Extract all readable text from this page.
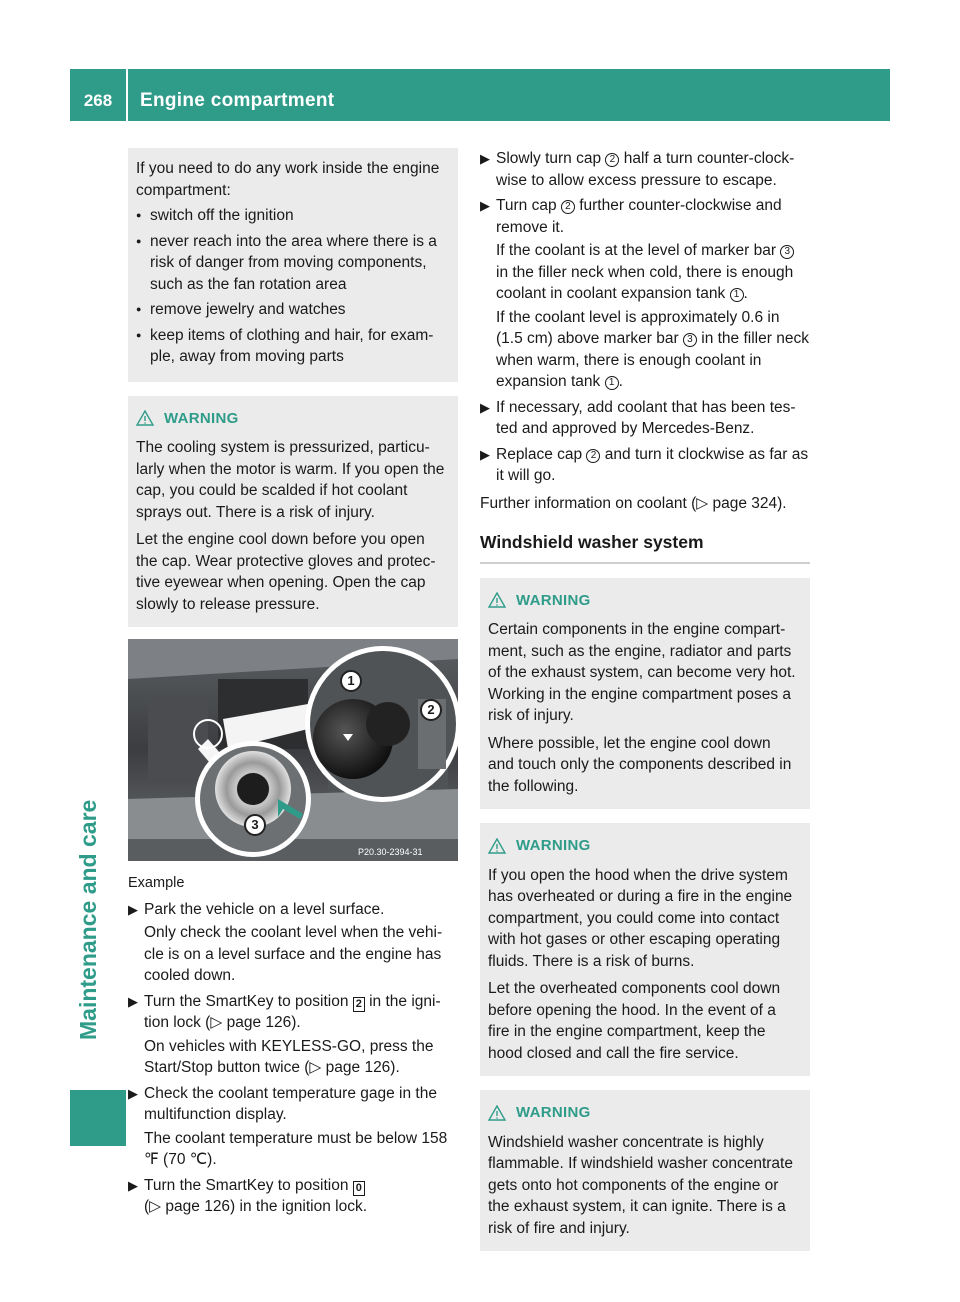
268	Engine compartment
Maintenance and care

If you need to do any work inside the engine compartment:

● switch off the ignition
● never reach into the area where there is a risk of danger from moving components, such as the fan rotation area
● remove jewelry and watches
● keep items of clothing and hair, for exam- ple, away from moving parts
WARNING

The cooling system is pressurized, particu- larly when the motor is warm. If you open the cap, you could be scalded if hot coolant sprays out. There is a risk of injury.

Let the engine cool down before you open the cap. Wear protective gloves and protec- tive eyewear when opening. Open the cap slowly to release pressure.

P20.30-2394-31
1
2
3
Example
▶ Park the vehicle on a level surface.

Only check the coolant level when the vehi- cle is on a level surface and the engine has cooled down.

▶ Turn the SmartKey to position 2 in the igni- tion lock (▷ page 126).

On vehicles with KEYLESS-GO, press the Start/Stop button twice (▷ page 126).

▶ Check the coolant temperature gage in the multifunction display.

The coolant temperature must be below 158 ℉ (70 ℃).

▶ Turn the SmartKey to position 0
(▷ page 126) in the ignition lock.

▶ Slowly turn cap 2 half a turn counter-clock- wise to allow excess pressure to escape.

▶ Turn cap 2 further counter-clockwise and remove it.

If the coolant is at the level of marker bar 3 in the filler neck when cold, there is enough coolant in coolant expansion tank 1 .

If the coolant level is approximately 0.6 in (1.5 cm) above marker bar 3 in the filler neck when warm, there is enough coolant in expansion tank 1 .

▶ If necessary, add coolant that has been tes- ted and approved by Mercedes-Benz.

▶ Replace cap 2 and turn it clockwise as far as it will go.

Further information on coolant (▷ page 324).

Windshield washer system
WARNING

Certain components in the engine compart- ment, such as the engine, radiator and parts of the exhaust system, can become very hot. Working in the engine compartment poses a risk of injury.

Where possible, let the engine cool down and touch only the components described in the following.

WARNING

If you open the hood when the drive system has overheated or during a fire in the engine compartment, you could come into contact with hot gases or other escaping operating fluids. There is a risk of burns.

Let the overheated components cool down before opening the hood. In the event of a fire in the engine compartment, keep the hood closed and call the fire service.

WARNING

Windshield washer concentrate is highly flammable. If windshield washer concentrate gets onto hot components of the engine or the exhaust system, it can ignite. There is a risk of fire and injury.
